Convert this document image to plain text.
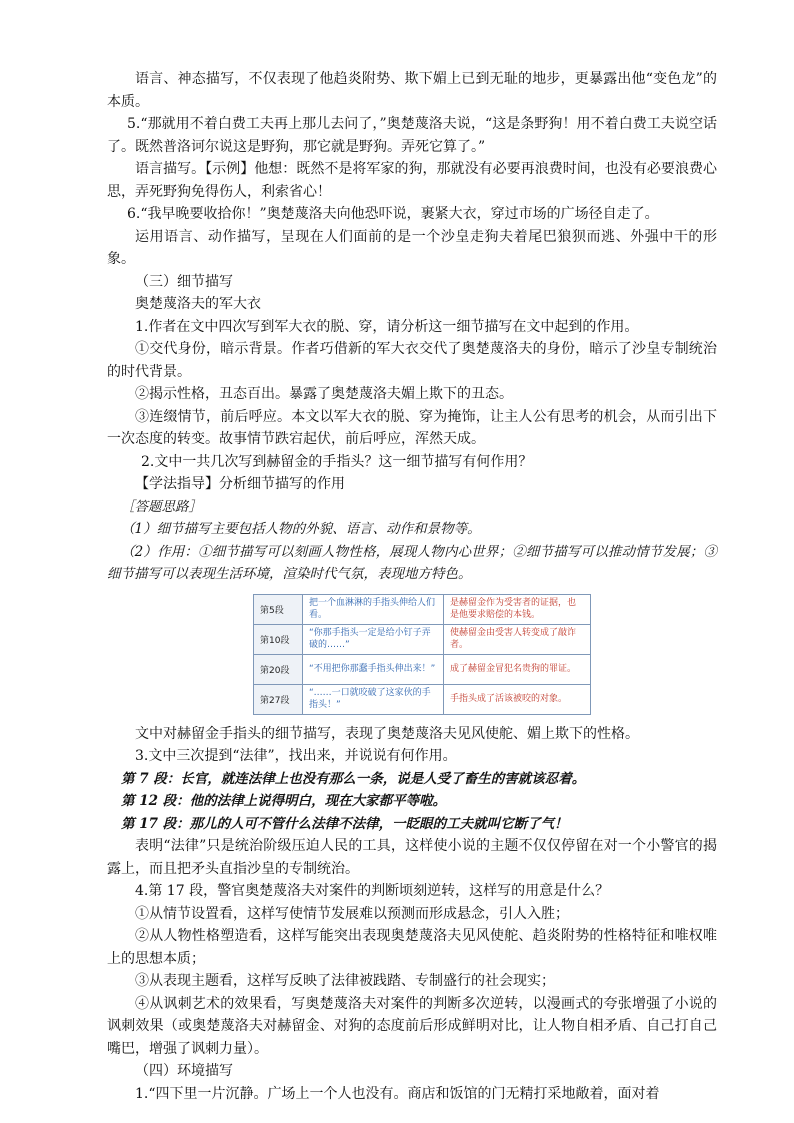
语言、神态描写，不仅表现了他趋炎附势、欺下媚上已到无耻的地步，更暴露出他“变色龙”的本质。

5.“那就用不着白费工夫再上那儿去问了，”奥楚蔑洛夫说，“这是条野狗！用不着白费工夫说空话了。既然普洛诃尔说这是野狗，那它就是野狗。弄死它算了。”

语言描写。【示例】他想：既然不是将军家的狗，那就没有必要再浪费时间，也没有必要浪费心思，弄死野狗免得伤人，利索省心！

6.“我早晚要收拾你！”奥楚蔑洛夫向他恐吓说，裹紧大衣，穿过市场的广场径自走了。

运用语言、动作描写，呈现在人们面前的是一个沙皇走狗夫着尾巴狼狈而逃、外强中干的形象。

（三）细节描写

奥楚蔑洛夫的军大衣

1.作者在文中四次写到军大衣的脱、穿，请分析这一细节描写在文中起到的作用。

①交代身份，暗示背景。作者巧借新的军大衣交代了奥楚蔑洛夫的身份，暗示了沙皇专制统治的时代背景。

②揭示性格，丑态百出。暴露了奥楚蔑洛夫媚上欺下的丑态。

③连缀情节，前后呼应。本文以军大衣的脱、穿为掩饰，让主人公有思考的机会，从而引出下一次态度的转变。故事情节跌宕起伏，前后呼应，浑然天成。

2.文中一共几次写到赫留金的手指头？这一细节描写有何作用？

【学法指导】分析细节描写的作用

［答题思路］

（1）细节描写主要包括人物的外貌、语言、动作和景物等。

（2）作用：①细节描写可以刻画人物性格，展现人物内心世界；②细节描写可以推动情节发展；③细节描写可以表现生活环境，渲染时代气氛，表现地方特色。

第5段	把一个血淋淋的手指头伸给人们看。	是赫留金作为受害者的证据，也是他要求赔偿的本钱。
第10段	“你那手指头一定是给小钉子弄破的……”	使赫留金由受害人转变成了敲诈者。
第20段	“不用把你那蠢手指头伸出来！”	成了赫留金冒犯名贵狗的罪证。
第27段	“……一口就咬破了这家伙的手指头！”	手指头成了活该被咬的对象。

文中对赫留金手指头的细节描写，表现了奥楚蔑洛夫见风使舵、媚上欺下的性格。

3.文中三次提到“法律”，找出来，并说说有何作用。

第 7 段：长官，就连法律上也没有那么一条，说是人受了畜生的害就该忍着。

第 12 段：他的法律上说得明白，现在大家都平等啦。

第 17 段：那儿的人可不管什么法律不法律，一眨眼的工夫就叫它断了气！

表明“法律”只是统治阶级压迫人民的工具，这样使小说的主题不仅仅停留在对一个小警官的揭露上，而且把矛头直指沙皇的专制统治。

4.第 17 段，警官奥楚蔑洛夫对案件的判断顷刻逆转，这样写的用意是什么？

①从情节设置看，这样写使情节发展难以预测而形成悬念，引人入胜；

②从人物性格塑造看，这样写能突出表现奥楚蔑洛夫见风使舵、趋炎附势的性格特征和唯权唯上的思想本质；

③从表现主题看，这样写反映了法律被践踏、专制盛行的社会现实；

④从讽刺艺术的效果看，写奥楚蔑洛夫对案件的判断多次逆转，以漫画式的夸张增强了小说的讽刺效果（或奥楚蔑洛夫对赫留金、对狗的态度前后形成鲜明对比，让人物自相矛盾、自己打自己嘴巴，增强了讽刺力量）。

（四）环境描写

1.“四下里一片沉静。广场上一个人也没有。商店和饭馆的门无精打采地敞着，面对着
